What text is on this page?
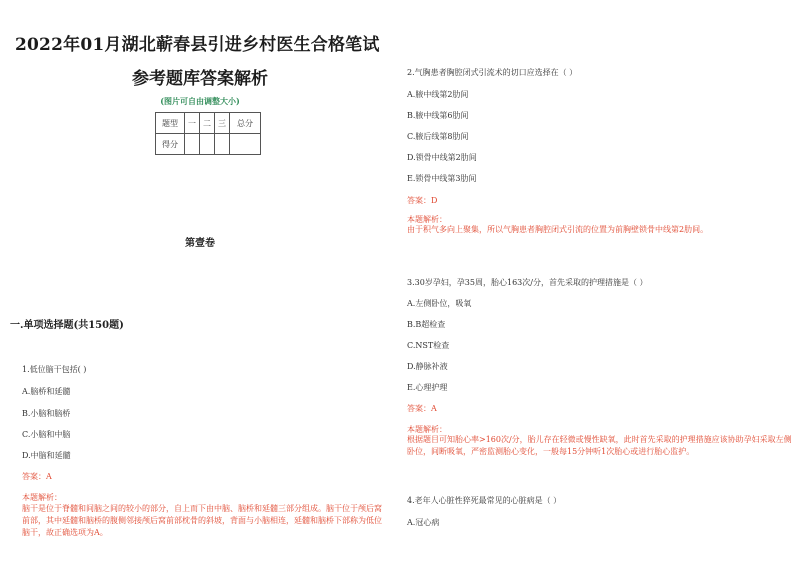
2022年01月湖北蕲春县引进乡村医生合格笔试
参考题库答案解析
(图片可自由调整大小)
题型	一	二	三	总分
得分				
第壹卷
一.单项选择题(共150题)
1.低位脑干包括( )
A.脑桥和延髓
B.小脑和脑桥
C.小脑和中脑
D.中脑和延髓
答案：A
本题解析：
脑干是位于脊髓和间脑之间的较小的部分，自上而下由中脑、脑桥和延髓三部分组成。脑干位于颅后窝前部，其中延髓和脑桥的腹侧邻接颅后窝前部枕骨的斜坡，背面与小脑相连，延髓和脑桥下部称为低位脑干，故正确选项为A。
2.气胸患者胸腔闭式引流术的切口应选择在（ ）
A.腋中线第2肋间
B.腋中线第6肋间
C.腋后线第8肋间
D.锁骨中线第2肋间
E.锁骨中线第3肋间
答案：D
本题解析：
由于积气多向上聚集，所以气胸患者胸腔闭式引流的位置为前胸壁锁骨中线第2肋间。
3.30岁孕妇，孕35周，胎心163次/分，首先采取的护理措施是（ ）
A.左侧卧位，吸氧
B.B超检查
C.NST检查
D.静脉补液
E.心理护理
答案：A
本题解析：
根据题目可知胎心率>160次/分，胎儿存在轻微或慢性缺氧，此时首先采取的护理措施应该协助孕妇采取左侧卧位，间断吸氧，严密监测胎心变化，一般每15分钟听1次胎心或进行胎心监护。
4.老年人心脏性猝死最常见的心脏病是（ ）
A.冠心病
